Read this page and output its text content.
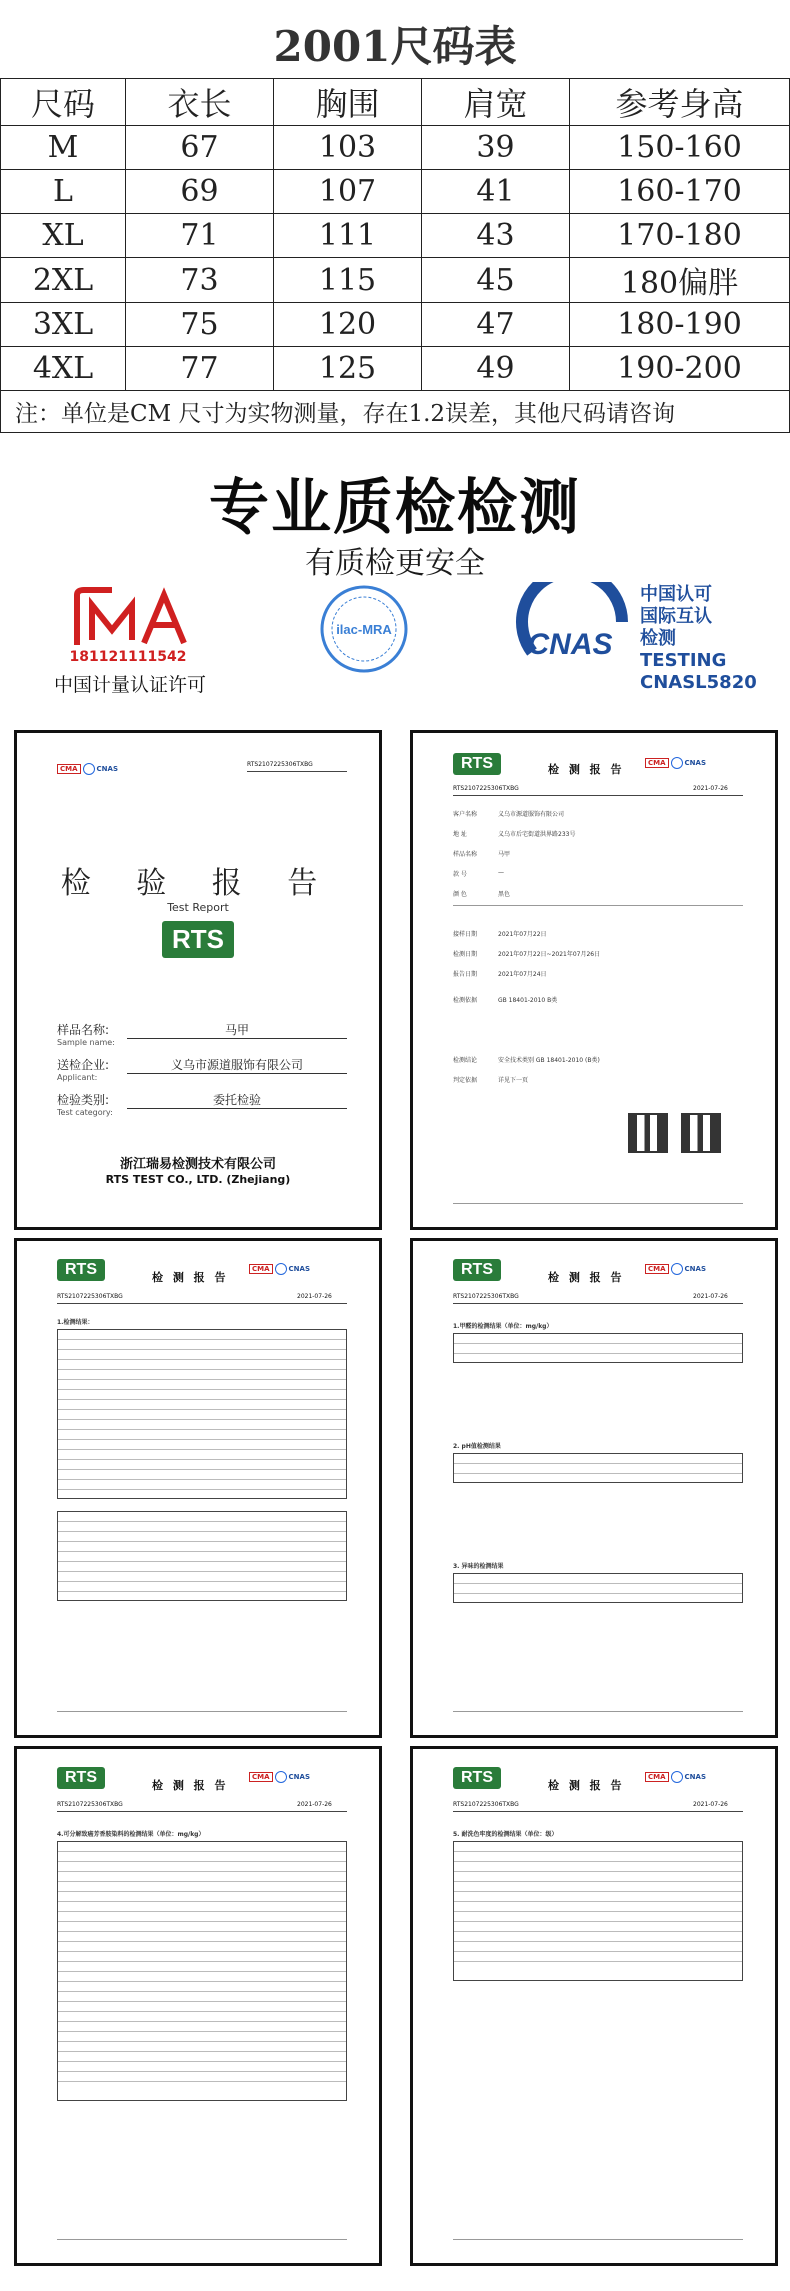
2001尺码表
尺码	衣长	胸围	肩宽	参考身高
M	67	103	39	150-160
L	69	107	41	160-170
XL	71	111	43	170-180
2XL	73	115	45	180偏胖
3XL	75	120	47	180-190
4XL	77	125	49	190-200
注：单位是CM 尺寸为实物测量，存在1.2误差，其他尺码请咨询				
专业质检检测
有质检更安全
181121111542
中国计量认证许可
ilac-MRA	CNAS
中国认可
国际互认
检测
TESTING
CNASL5820
CMA	CNAS
RTS2107225306TXBG
检 验 报 告
Test Report
RTS
样品名称:
Sample name:
马甲
送检企业:
Applicant:
义乌市源道服饰有限公司
检验类别:
Test category:
委托检验
浙江瑞易检测技术有限公司
RTS TEST CO., LTD. (Zhejiang)
RTS	检 测 报 告	CMA	CNAS
RTS2107225306TXBG	2021-07-26
客户名称	义乌市源道服饰有限公司
地 址	义乌市后宅街道洪界路233号
样品名称	马甲
款 号	—
颜 色	黑色
接样日期	2021年07月22日
检测日期	2021年07月22日~2021年07月26日
报告日期	2021年07月24日
检测依据	GB 18401-2010 B类
检测结论	安全技术类别 GB 18401-2010 (B类)
判定依据	详见下一页
RTS	检 测 报 告
CMA	CNAS
RTS2107225306TXBG	2021-07-26
1.检测结果：
RTS	检 测 报 告
CMA	CNAS
RTS2107225306TXBG	2021-07-26
1.甲醛的检测结果（单位：mg/kg）
2. pH值检测结果
3. 异味的检测结果
RTS	检 测 报 告
CMA	CNAS
RTS2107225306TXBG	2021-07-26
4.可分解致癌芳香胺染料的检测结果（单位：mg/kg）
RTS	检 测 报 告
CMA	CNAS
RTS2107225306TXBG	2021-07-26
5. 耐洗色牢度的检测结果（单位：级）
